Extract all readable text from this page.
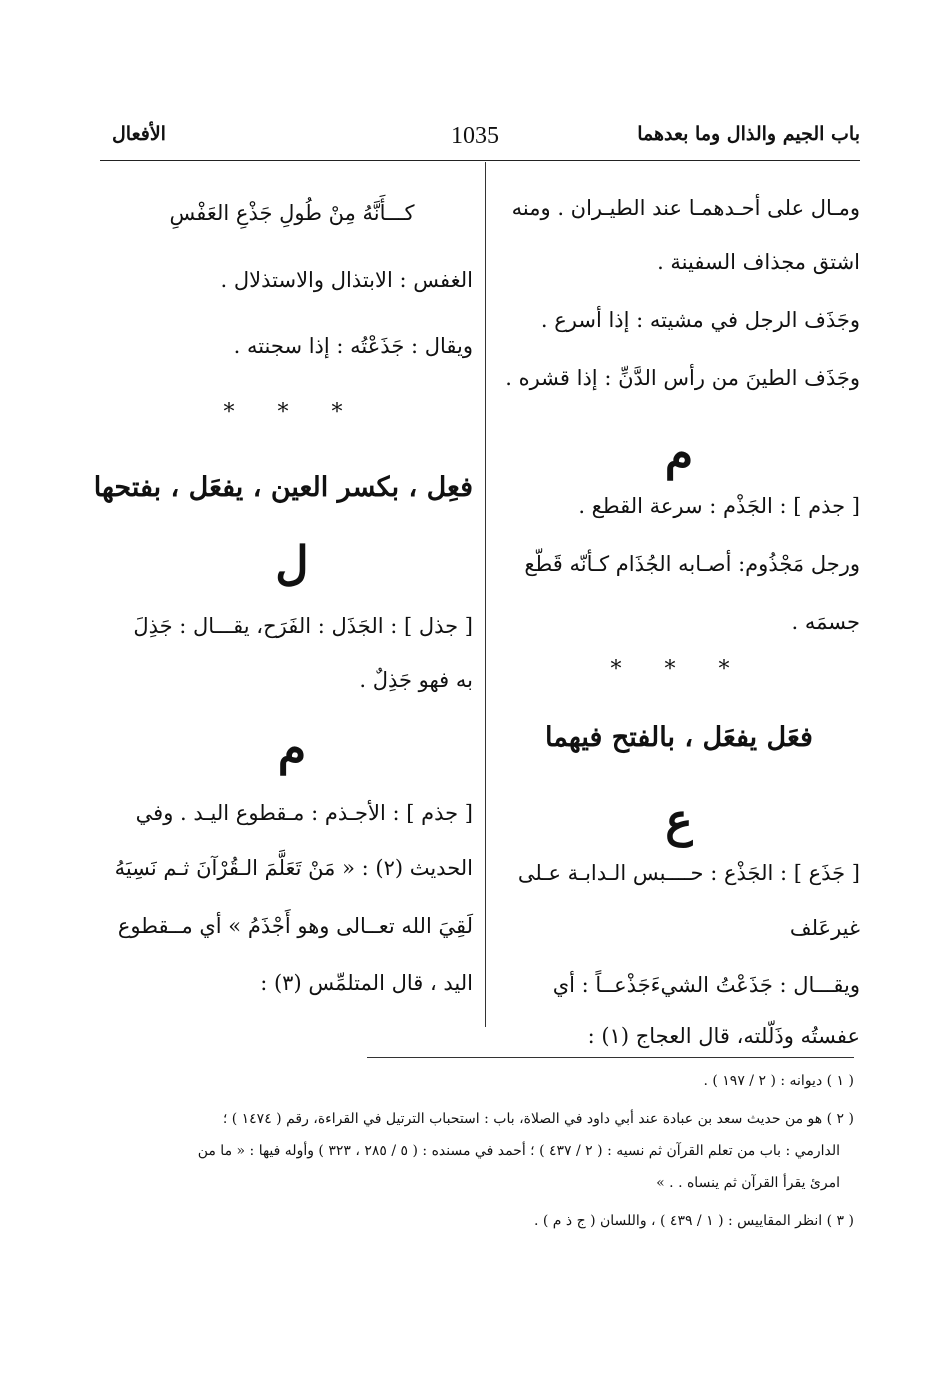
باب الجيم والذال وما بعدهما
1035
الأفعال
ومـال على أحـدهمـا عند الطيـران . ومنه
اشتق مجذاف السفينة .
وجَذَف الرجل في مشيته : إذا أسرع .
وجَذَف الطينَ من رأس الدَّنِّ : إذا قشره .
م
[ جذم ] : الجَذْم : سرعة القطع .
ورجل مَجْذُوم: أصـابه الجُذَام كـأنّه قَطّع
جسمَه .
* * *
فعَل يفعَل ، بالفتح فيهما
ع
[ جَذَع ] : الجَذْع : حــــبس الـدابـة عـلى
غيرعَلف
ويقـــال : جَذَعْتُ الشيءَجَذْعــاً : أي
عفستُه وذَلّلته، قال العجاج (١) :
كـــأَنَّهُ مِنْ طُولِ جَذْعِ العَفْسِ
الغفس : الابتذال والاستذلال .
ويقال : جَذَعْتُه : إذا سجنته .
* * *
فعِل ، بكسر العين ، يفعَل ، بفتحها
ل
[ جذل ] : الجَذَل : الفَرَح، يقـــال : جَذِلَ
به فهو جَذِلٌ .
م
[ جذم ] : الأجـذم : مـقطوع اليـد . وفي
الحديث (٢) : « مَنْ تَعَلَّمَ الـقُرْآنَ ثـم نَسِيَهُ
لَقِيَ الله تعــالى وهو أَجْذَمُ » أي مــقطوع
اليد ، قال المتلمِّس (٣) :
( ١ ) ديوانه : ( ٢ / ١٩٧ ) .
( ٢ ) هو من حديث سعد بن عبادة عند أبي داود في الصلاة، باب : استحباب الترتيل في القراءة، رقم ( ١٤٧٤ ) ؛
الدارمي : باب من تعلم القرآن ثم نسيه : ( ٢ / ٤٣٧ ) ؛ أحمد في مسنده : ( ٥ / ٢٨٥ ، ٣٢٣ ) وأوله فيها : « ما من
امرئ يقرأ القرآن ثم ينساه . . »
( ٣ ) انظر المقاييس : ( ١ / ٤٣٩ ) ، واللسان ( ج ذ م ) .
